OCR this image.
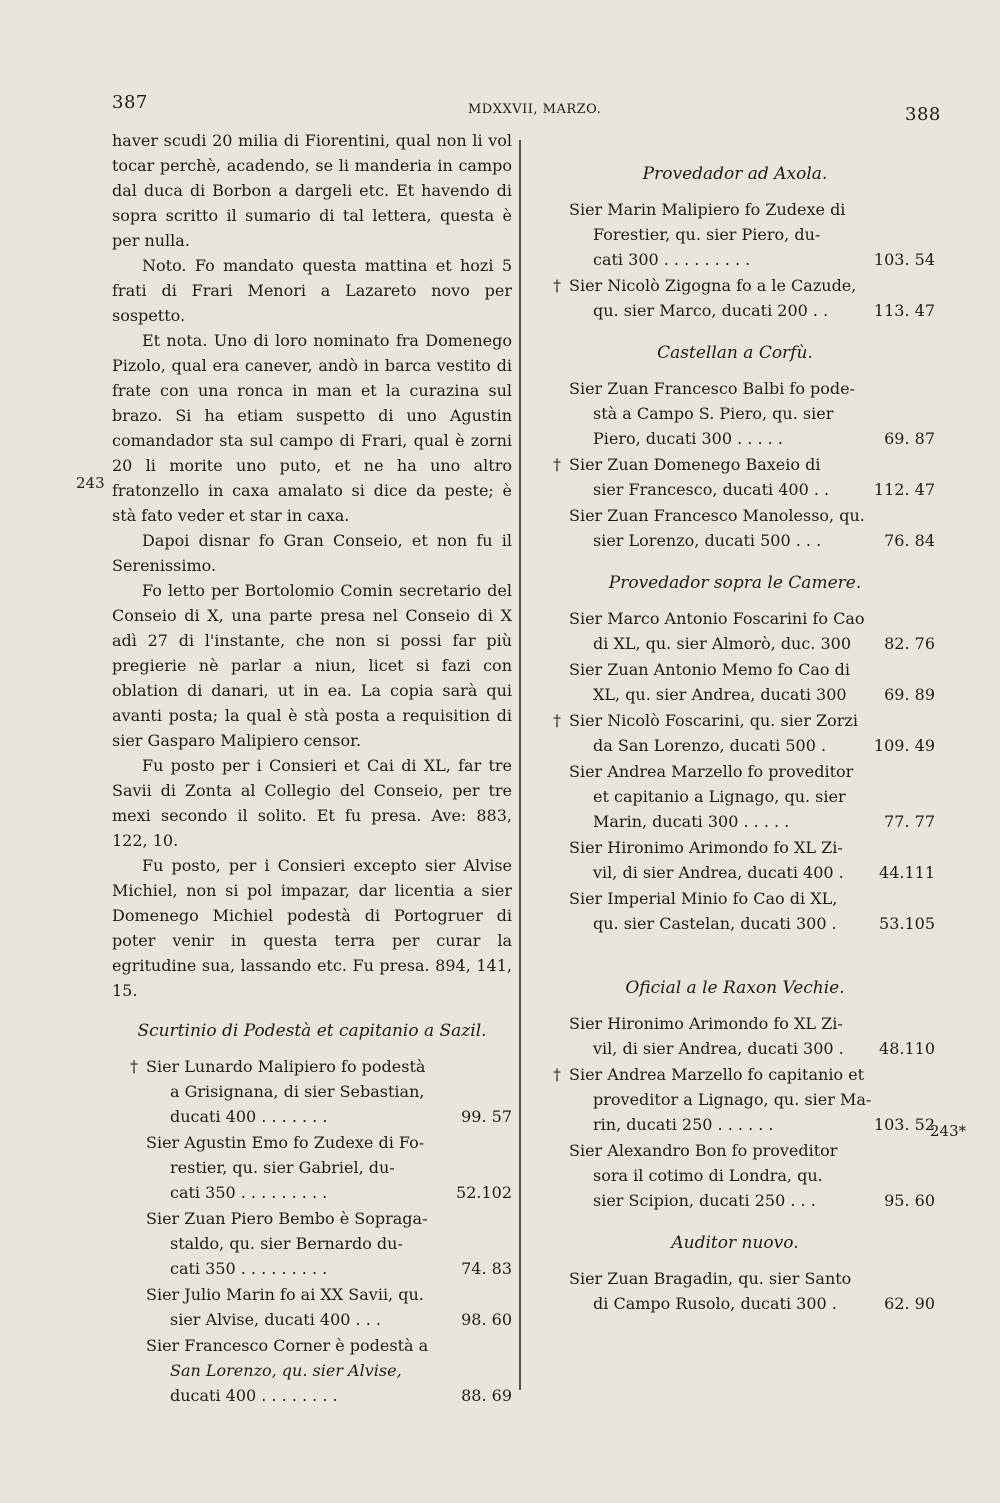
387	MDXXVII, MARZO.	388
243
243*

haver scudi 20 milia di Fiorentini, qual non li vol tocar perchè, acadendo, se li manderia in campo dal duca di Borbon a dargeli etc. Et havendo di sopra scritto il sumario di tal lettera, questa è per nulla.

Noto. Fo mandato questa mattina et hozi 5 frati di Frari Menori a Lazareto novo per sospetto.

Et nota. Uno di loro nominato fra Domenego Pizolo, qual era canever, andò in barca vestito di frate con una ronca in man et la curazina sul brazo. Si ha etiam suspetto di uno Agustin comandador sta sul campo di Frari, qual è zorni 20 li morite uno puto, et ne ha uno altro fratonzello in caxa amalato si dice da peste; è stà fato veder et star in caxa.

Dapoi disnar fo Gran Conseio, et non fu il Serenissimo.

Fo letto per Bortolomio Comin secretario del Conseio di X, una parte presa nel Conseio di X adì 27 di l'instante, che non si possi far più pregierie nè parlar a niun, licet si fazi con oblation di danari, ut in ea. La copia sarà qui avanti posta; la qual è stà posta a requisition di sier Gasparo Malipiero censor.

Fu posto per i Consieri et Cai di XL, far tre Savii di Zonta al Collegio del Conseio, per tre mexi secondo il solito. Et fu presa. Ave: 883, 122, 10.

Fu posto, per i Consieri excepto sier Alvise Michiel, non si pol impazar, dar licentia a sier Domenego Michiel podestà di Portogruer di poter venir in questa terra per curar la egritudine sua, lassando etc. Fu presa. 894, 141, 15.

Scurtinio di Podestà et capitanio a Sazil.
† Sier Lunardo Malipiero fo podestà
a Grisignana, di sier Sebastian,
ducati 400 . . . . . . .	99. 57
Sier Agustin Emo fo Zudexe di Fo-
restier, qu. sier Gabriel, du-
cati 350 . . . . . . . . .	52.102
Sier Zuan Piero Bembo è Sopraga-
staldo, qu. sier Bernardo du-
cati 350 . . . . . . . . .	74. 83
Sier Julio Marin fo ai XX Savii, qu.
sier Alvise, ducati 400 . . .	98. 60
Sier Francesco Corner è podestà a
San Lorenzo, qu. sier Alvise,
ducati 400 . . . . . . . .	88. 69
Provedador ad Axola.
Sier Marin Malipiero fo Zudexe di
Forestier, qu. sier Piero, du-
cati 300 . . . . . . . . .	103. 54
† Sier Nicolò Zigogna fo a le Cazude,
qu. sier Marco, ducati 200 . .	113. 47
Castellan a Corfù.
Sier Zuan Francesco Balbi fo pode-
stà a Campo S. Piero, qu. sier
Piero, ducati 300 . . . . .	69. 87
† Sier Zuan Domenego Baxeio di
sier Francesco, ducati 400 . .	112. 47
Sier Zuan Francesco Manolesso, qu.
sier Lorenzo, ducati 500 . . .	76. 84
Provedador sopra le Camere.
Sier Marco Antonio Foscarini fo Cao
di XL, qu. sier Almorò, duc. 300 82. 76
Sier Zuan Antonio Memo fo Cao di
XL, qu. sier Andrea, ducati 300 69. 89
† Sier Nicolò Foscarini, qu. sier Zorzi
da San Lorenzo, ducati 500 .	109. 49
Sier Andrea Marzello fo proveditor
et capitanio a Lignago, qu. sier
Marin, ducati 300 . . . . .	77. 77
Sier Hironimo Arimondo fo XL Zi-
vil, di sier Andrea, ducati 400 . 44.111
Sier Imperial Minio fo Cao di XL,
qu. sier Castelan, ducati 300 .	53.105
Oficial a le Raxon Vechie.
Sier Hironimo Arimondo fo XL Zi-
vil, di sier Andrea, ducati 300 . 48.110
† Sier Andrea Marzello fo capitanio et
proveditor a Lignago, qu. sier Ma-
rin, ducati 250 . . . . . .	103. 52
Sier Alexandro Bon fo proveditor
sora il cotimo di Londra, qu.
sier Scipion, ducati 250 . . .	95. 60
Auditor nuovo.
Sier Zuan Bragadin, qu. sier Santo
di Campo Rusolo, ducati 300 .	62. 90
